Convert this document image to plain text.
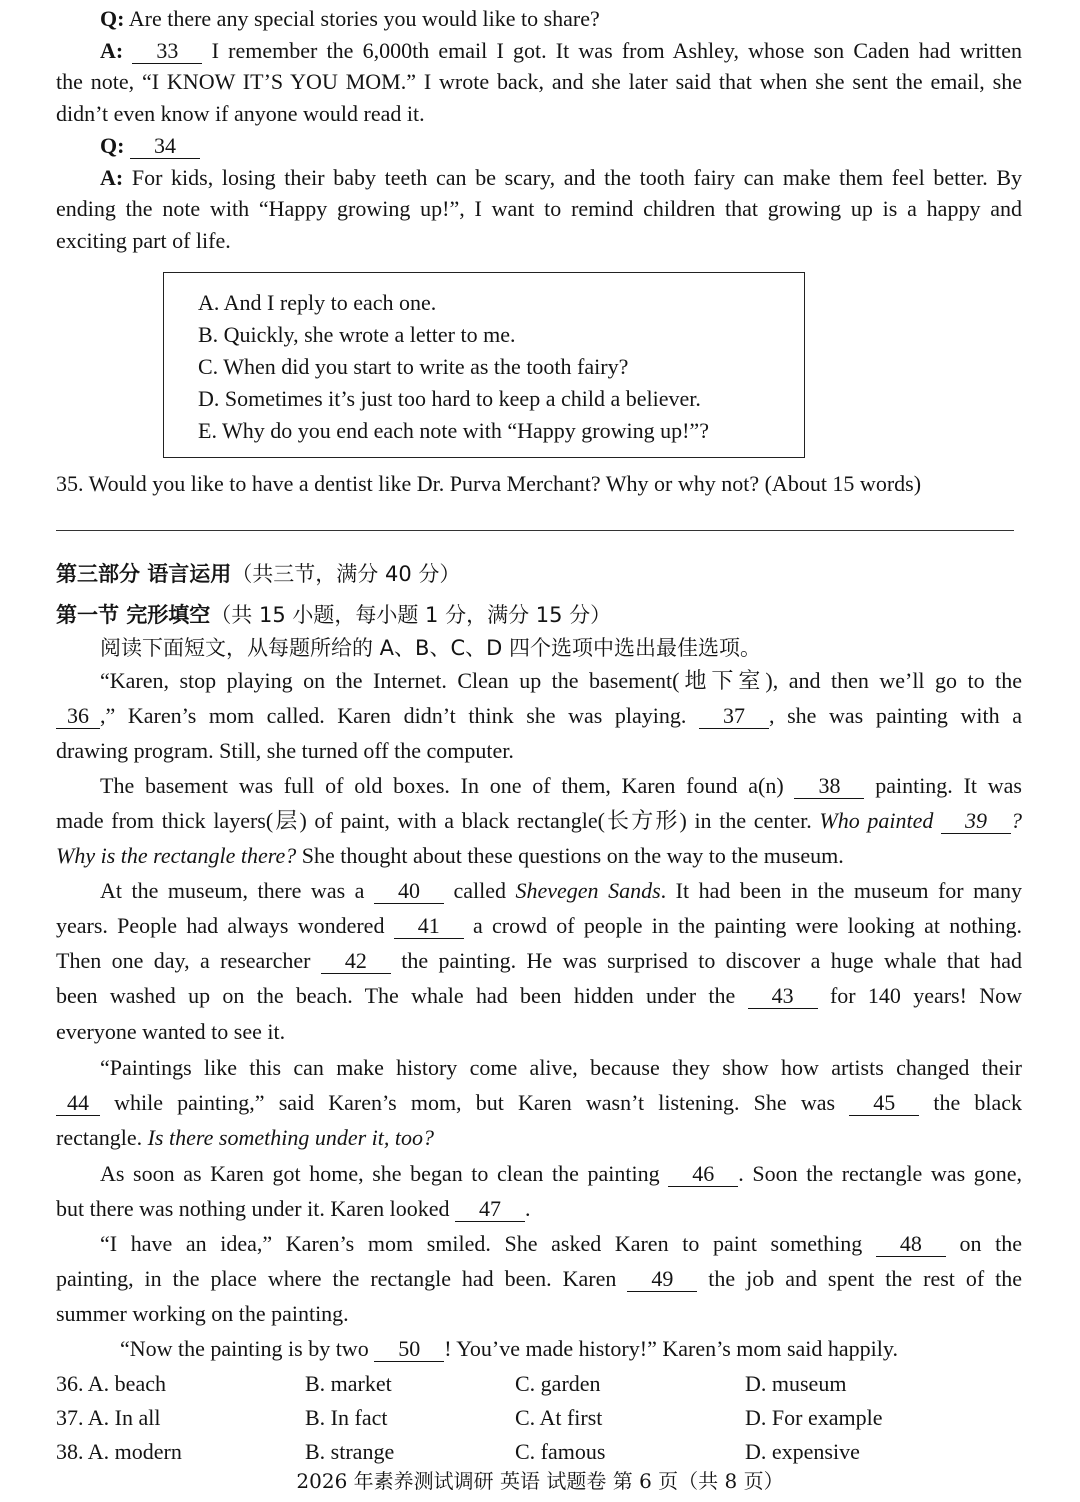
Q: Are there any special stories you would like to share?
A: 33 I remember the 6,000th email I got. It was from Ashley, whose son Caden had written
the note, “I KNOW IT’S YOU MOM.” I wrote back, and she later said that when she sent the email, she
didn’t even know if anyone would read it.
Q: 34
A: For kids, losing their baby teeth can be scary, and the tooth fairy can make them feel better. By
ending the note with “Happy growing up!”, I want to remind children that growing up is a happy and
exciting part of life.
A. And I reply to each one.
B. Quickly, she wrote a letter to me.
C. When did you start to write as the tooth fairy?
D. Sometimes it’s just too hard to keep a child a believer.
E. Why do you end each note with “Happy growing up!”?
35. Would you like to have a dentist like Dr. Purva Merchant? Why or why not? (About 15 words)
第三部分 语言运用（共三节，满分 40 分）
第一节 完形填空（共 15 小题，每小题 1 分，满分 15 分）
阅读下面短文，从每题所给的 A、B、C、D 四个选项中选出最佳选项。
“Karen, stop playing on the Internet. Clean up the basement(地下室), and then we’ll go to the
36 ,” Karen’s mom called. Karen didn’t think she was playing. 37 , she was painting with a
drawing program. Still, she turned off the computer.
The basement was full of old boxes. In one of them, Karen found a(n) 38 painting. It was
made from thick layers(层) of paint, with a black rectangle(长方形) in the center. Who painted 39 ?
Why is the rectangle there? She thought about these questions on the way to the museum.
At the museum, there was a 40 called Shevegen Sands. It had been in the museum for many
years. People had always wondered 41 a crowd of people in the painting were looking at nothing.
Then one day, a researcher 42 the painting. He was surprised to discover a huge whale that had
been washed up on the beach. The whale had been hidden under the 43 for 140 years! Now
everyone wanted to see it.
“Paintings like this can make history come alive, because they show how artists changed their
44 while painting,” said Karen’s mom, but Karen wasn’t listening. She was 45 the black
rectangle. Is there something under it, too?
As soon as Karen got home, she began to clean the painting 46 . Soon the rectangle was gone,
but there was nothing under it. Karen looked 47 .
“I have an idea,” Karen’s mom smiled. She asked Karen to paint something 48 on the
painting, in the place where the rectangle had been. Karen 49 the job and spent the rest of the
summer working on the painting.
“Now the painting is by two 50 ! You’ve made history!” Karen’s mom said happily.
36. A. beach	B. market	C. garden	D. museum
37. A. In all	B. In fact	C. At first	D. For example
38. A. modern	B. strange	C. famous	D. expensive
2026 年素养测试调研 英语 试题卷 第 6 页（共 8 页）
